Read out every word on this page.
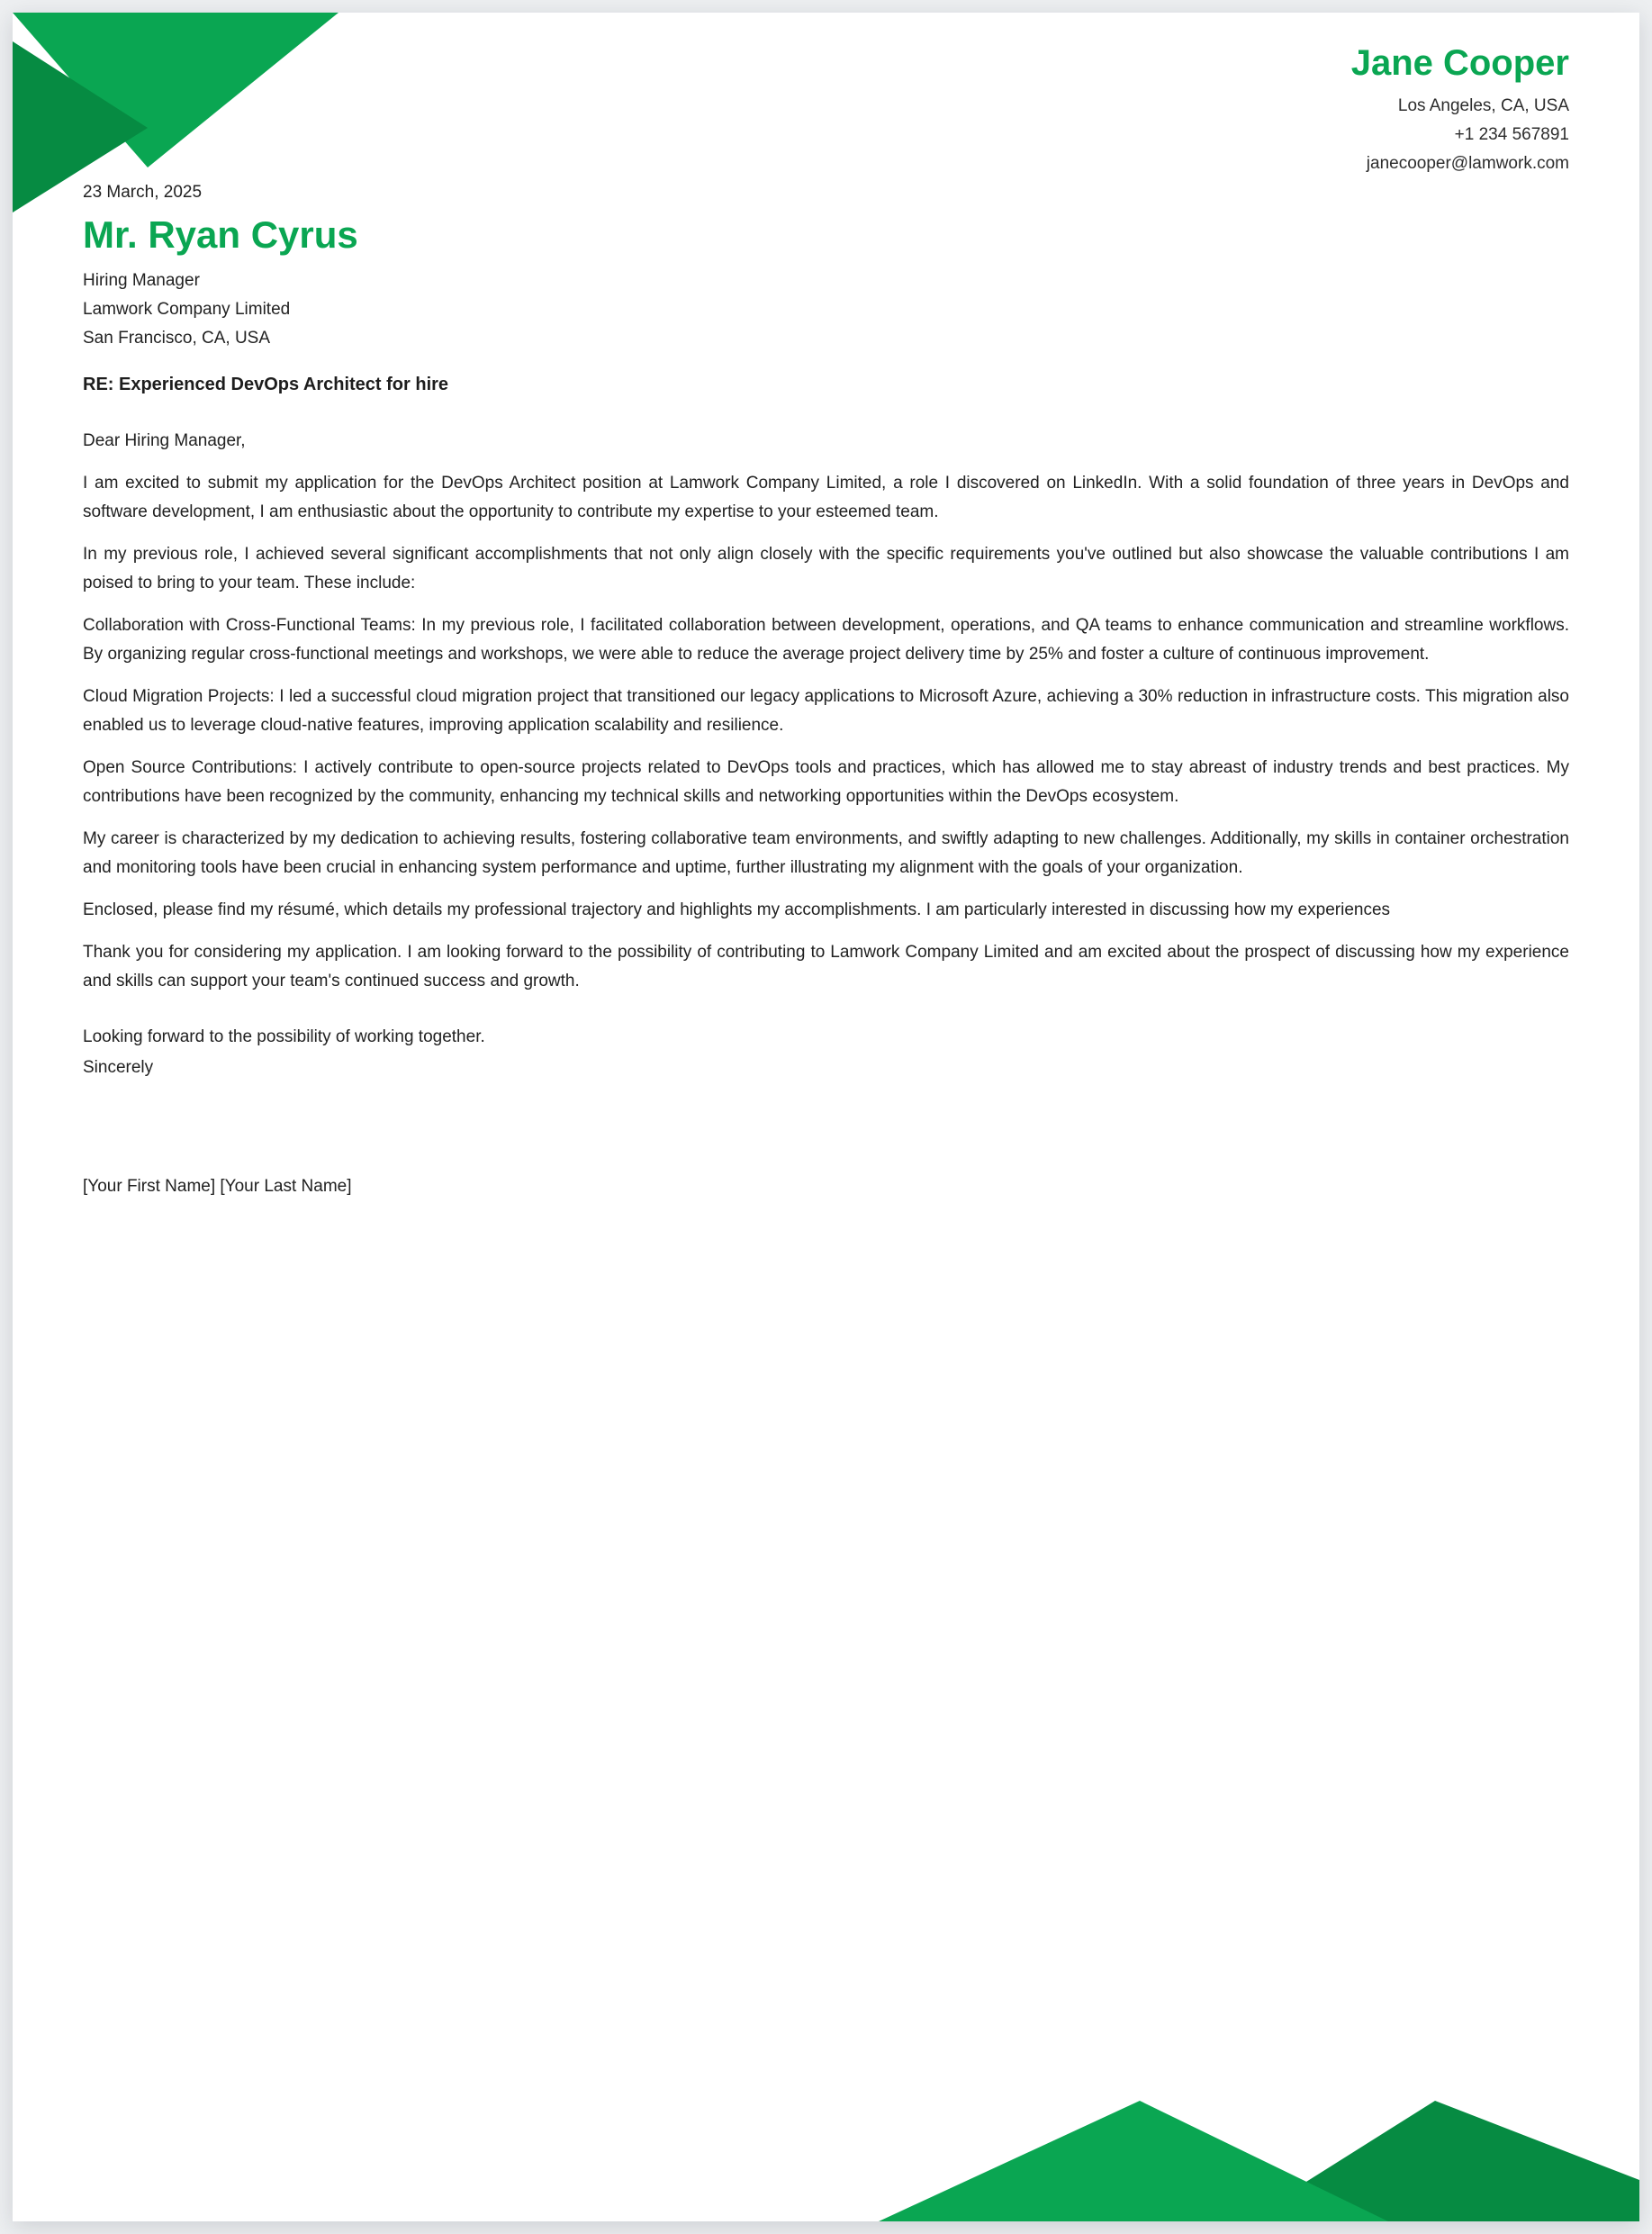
Jane Cooper
Los Angeles, CA, USA
+1 234 567891
janecooper@lamwork.com
23 March, 2025
Mr. Ryan Cyrus
Hiring Manager
Lamwork Company Limited
San Francisco, CA, USA
RE: Experienced DevOps Architect for hire

Dear Hiring Manager,

I am excited to submit my application for the DevOps Architect position at Lamwork Company Limited, a role I discovered on LinkedIn. With a solid foundation of three years in DevOps and software development, I am enthusiastic about the opportunity to contribute my expertise to your esteemed team.

In my previous role, I achieved several significant accomplishments that not only align closely with the specific requirements you've outlined but also showcase the valuable contributions I am poised to bring to your team. These include:

Collaboration with Cross-Functional Teams: In my previous role, I facilitated collaboration between development, operations, and QA teams to enhance communication and streamline workflows. By organizing regular cross-functional meetings and workshops, we were able to reduce the average project delivery time by 25% and foster a culture of continuous improvement.

Cloud Migration Projects: I led a successful cloud migration project that transitioned our legacy applications to Microsoft Azure, achieving a 30% reduction in infrastructure costs. This migration also enabled us to leverage cloud-native features, improving application scalability and resilience.

Open Source Contributions: I actively contribute to open-source projects related to DevOps tools and practices, which has allowed me to stay abreast of industry trends and best practices. My contributions have been recognized by the community, enhancing my technical skills and networking opportunities within the DevOps ecosystem.

My career is characterized by my dedication to achieving results, fostering collaborative team environments, and swiftly adapting to new challenges. Additionally, my skills in container orchestration and monitoring tools have been crucial in enhancing system performance and uptime, further illustrating my alignment with the goals of your organization.

Enclosed, please find my résumé, which details my professional trajectory and highlights my accomplishments. I am particularly interested in discussing how my experiences

Thank you for considering my application. I am looking forward to the possibility of contributing to Lamwork Company Limited and am excited about the prospect of discussing how my experience and skills can support your team's continued success and growth.

Looking forward to the possibility of working together.

Sincerely

[Your First Name] [Your Last Name]
